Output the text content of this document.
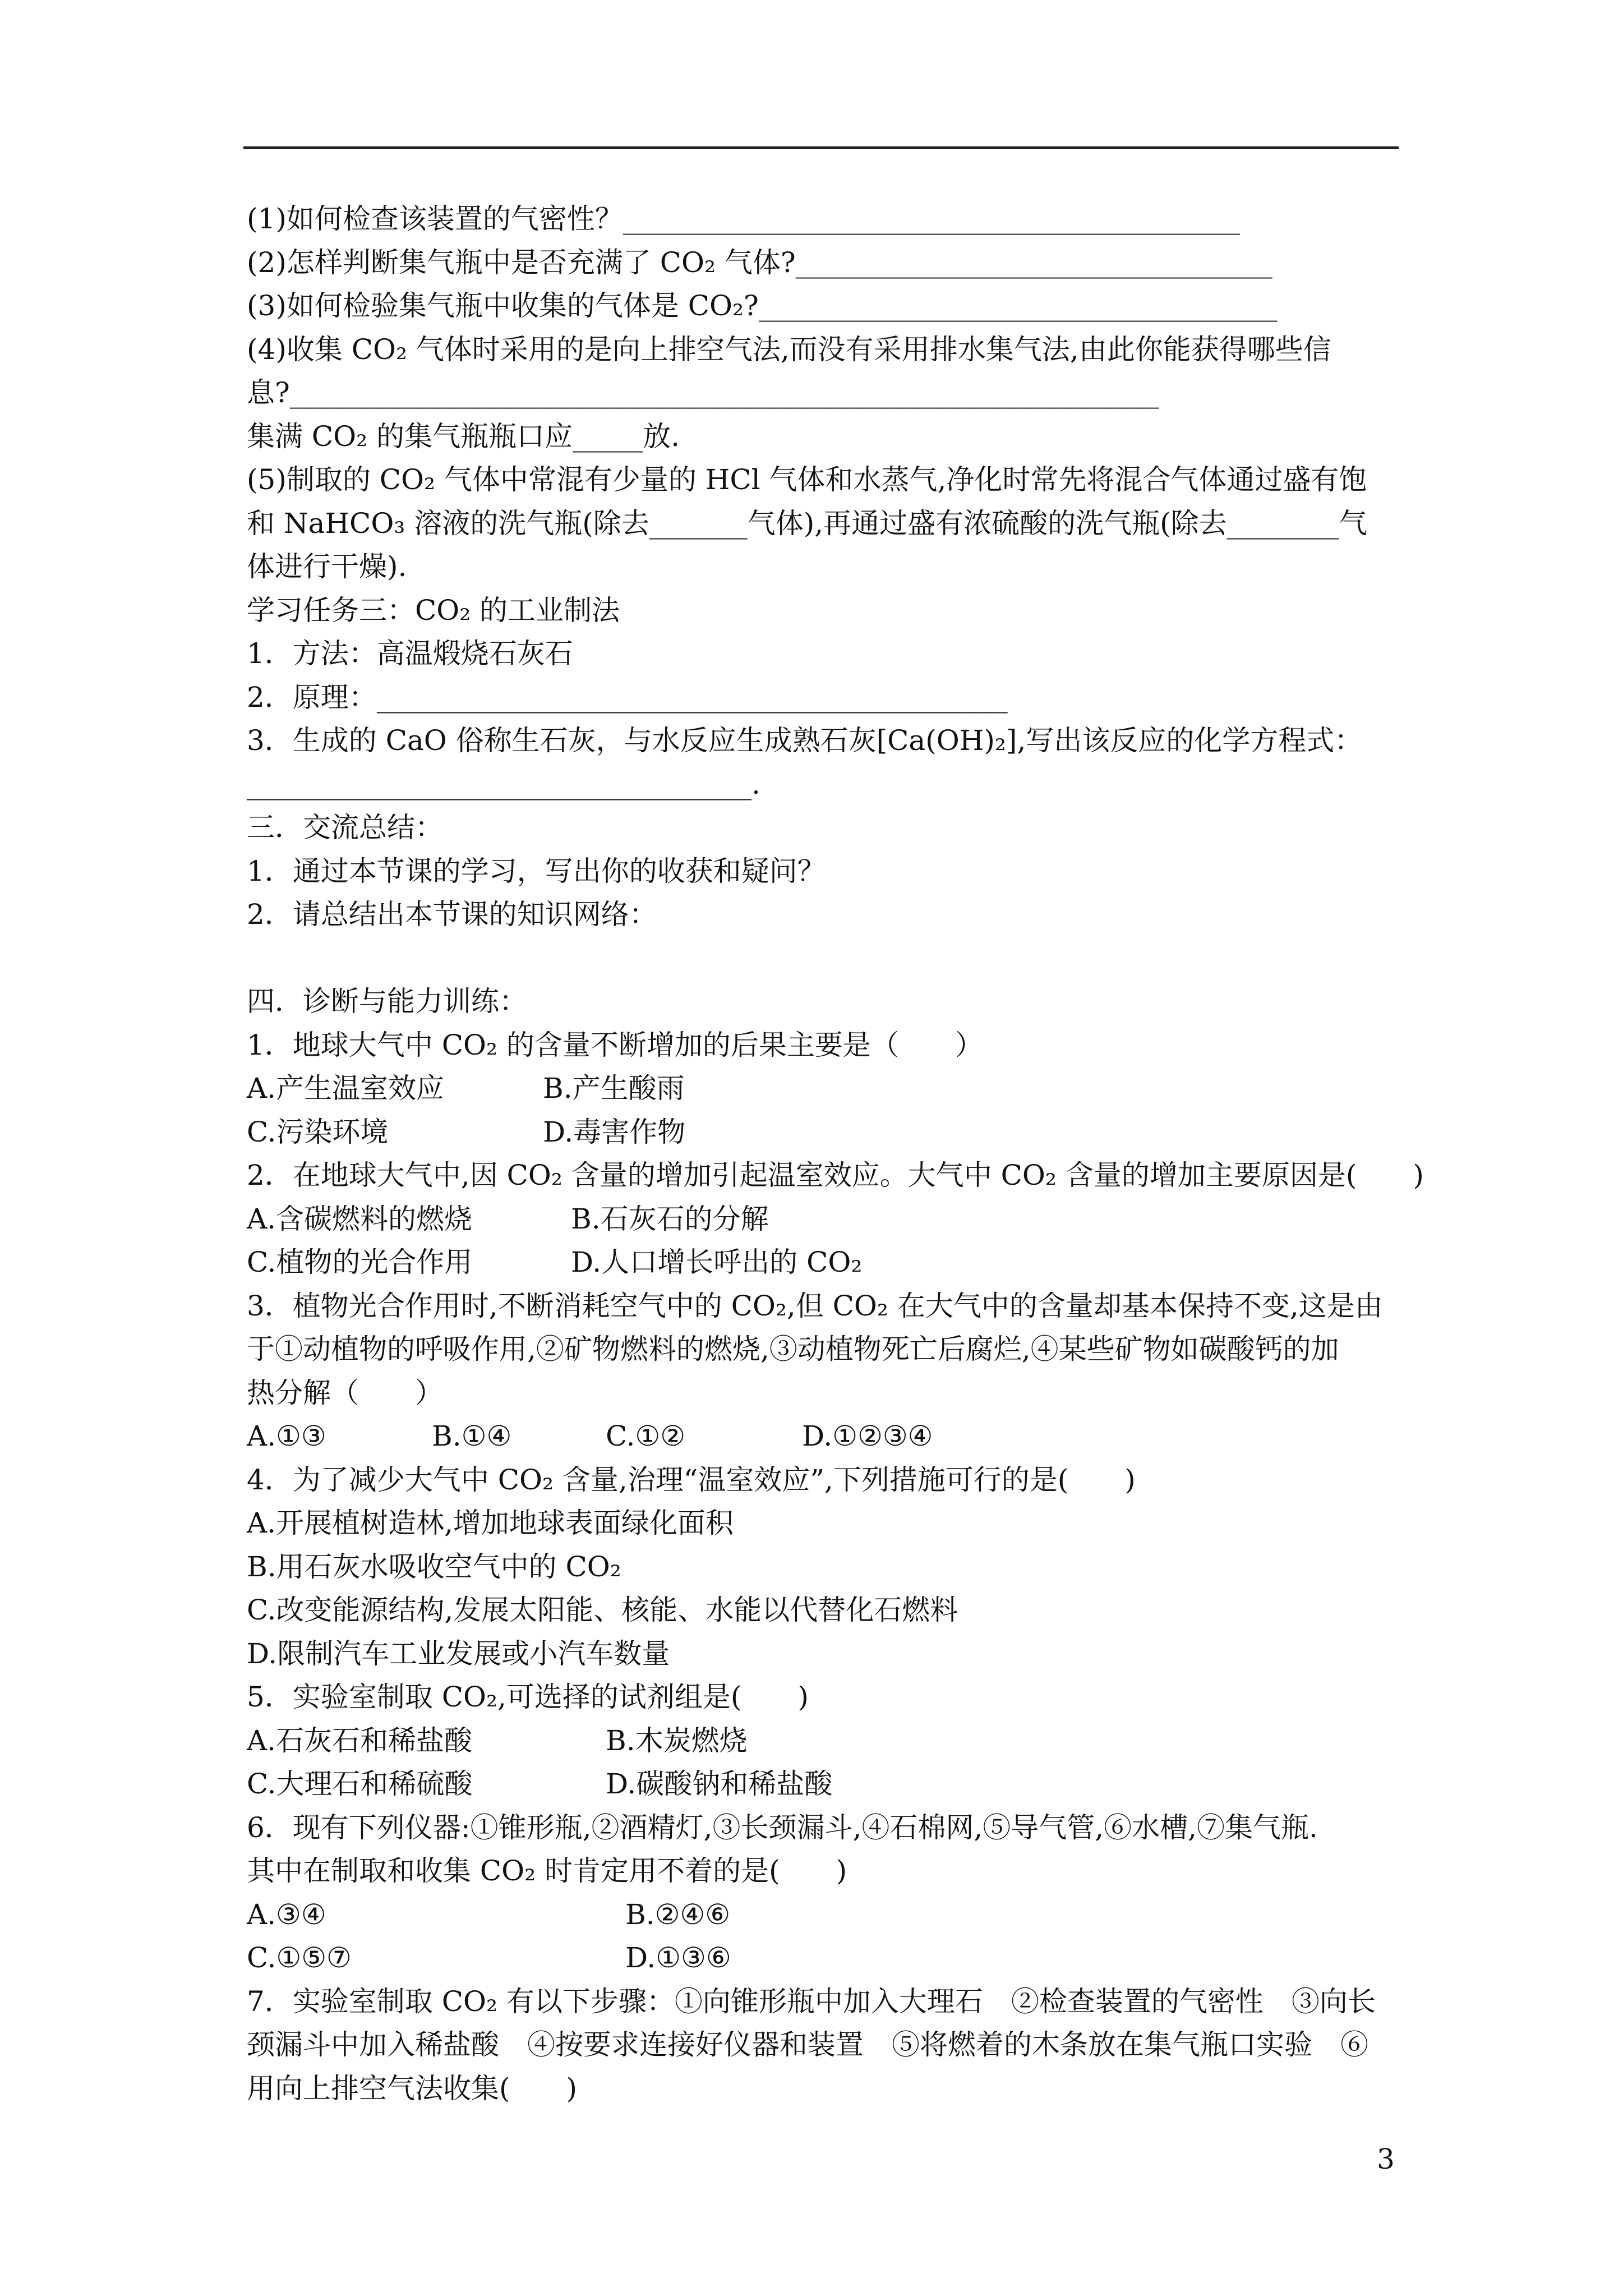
(1)如何检查该装置的气密性？____________________________________________
(2)怎样判断集气瓶中是否充满了 CO₂ 气体?__________________________________
(3)如何检验集气瓶中收集的气体是 CO₂?_____________________________________
(4)收集 CO₂ 气体时采用的是向上排空气法,而没有采用排水集气法,由此你能获得哪些信
息?______________________________________________________________
集满 CO₂ 的集气瓶瓶口应_____放.
(5)制取的 CO₂ 气体中常混有少量的 HCl 气体和水蒸气,净化时常先将混合气体通过盛有饱
和 NaHCO₃ 溶液的洗气瓶(除去_______气体),再通过盛有浓硫酸的洗气瓶(除去________气
体进行干燥).
学习任务三：CO₂ 的工业制法
1．方法：高温煅烧石灰石
2．原理：_____________________________________________
3．生成的 CaO 俗称生石灰，与水反应生成熟石灰[Ca(OH)₂],写出该反应的化学方程式：
____________________________________.
三．交流总结：
1．通过本节课的学习，写出你的收获和疑问？
2．请总结出本节课的知识网络：
四．诊断与能力训练：
1．地球大气中 CO₂ 的含量不断增加的后果主要是（　　）

A.产生温室效应

	B.产生酸雨

C.污染环境

	D.毒害作物

2．在地球大气中,因 CO₂ 含量的增加引起温室效应。大气中 CO₂ 含量的增加主要原因是(　　)

A.含碳燃料的燃烧

	B.石灰石的分解

C.植物的光合作用

	D.人口增长呼出的 CO₂

3．植物光合作用时,不断消耗空气中的 CO₂,但 CO₂ 在大气中的含量却基本保持不变,这是由
于①动植物的呼吸作用,②矿物燃料的燃烧,③动植物死亡后腐烂,④某些矿物如碳酸钙的加
热分解（　　）

A.①③

	B.①④

	C.①②

	D.①②③④

4．为了减少大气中 CO₂ 含量,治理“温室效应”,下列措施可行的是(　　)
A.开展植树造林,增加地球表面绿化面积
B.用石灰水吸收空气中的 CO₂
C.改变能源结构,发展太阳能、核能、水能以代替化石燃料
D.限制汽车工业发展或小汽车数量
5．实验室制取 CO₂,可选择的试剂组是(　　)

A.石灰石和稀盐酸

	B.木炭燃烧

C.大理石和稀硫酸

	D.碳酸钠和稀盐酸

6．现有下列仪器:①锥形瓶,②酒精灯,③长颈漏斗,④石棉网,⑤导气管,⑥水槽,⑦集气瓶.
其中在制取和收集 CO₂ 时肯定用不着的是(　　)

A.③④

	B.②④⑥

C.①⑤⑦

	D.①③⑥

7．实验室制取 CO₂ 有以下步骤：①向锥形瓶中加入大理石　②检查装置的气密性　③向长
颈漏斗中加入稀盐酸　④按要求连接好仪器和装置　⑤将燃着的木条放在集气瓶口实验　⑥
用向上排空气法收集(　　)
3
